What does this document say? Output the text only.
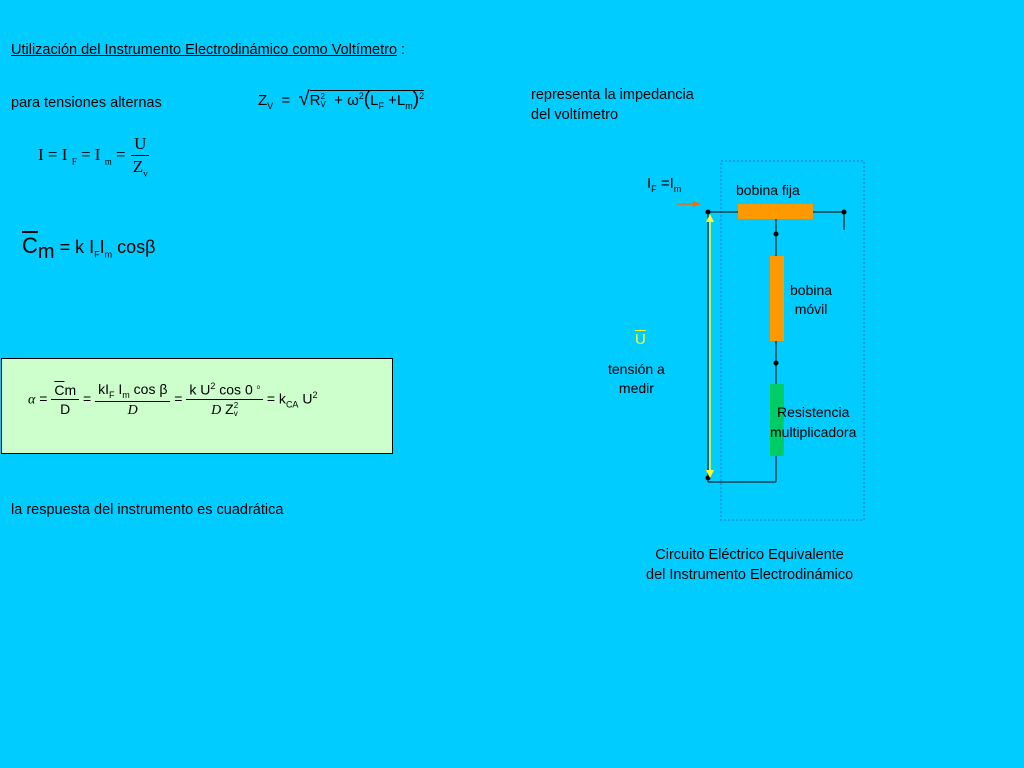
Utilización del Instrumento Electrodinámico como Voltímetro :
para tensiones alternas	$Z_V = √R$ 2
$V + \omega^2(L_F +L_m)^2$	representa la impedancia
del voltímetro
I = I $_F$ = I $_m = \frac{U}{Z_v}$
$\overline{C}m = k$ $I_FI_m$ cosβ
$\alpha = \frac{\overline{C}m}{D} = \frac{kI_F I_m \cos \beta}{D} = k$ $U^2$ cos 0 $^o$
D Z 2
$v = k_{CA}$ $U^2$
la respuesta del instrumento es cuadrática
$I_F =I_m$	bobina fija
bobina
móvil
$\overline{U}$
tensión a
medir
Resistencia
multiplicadora
Circuito Eléctrico Equivalente
del Instrumento Electrodinámico
